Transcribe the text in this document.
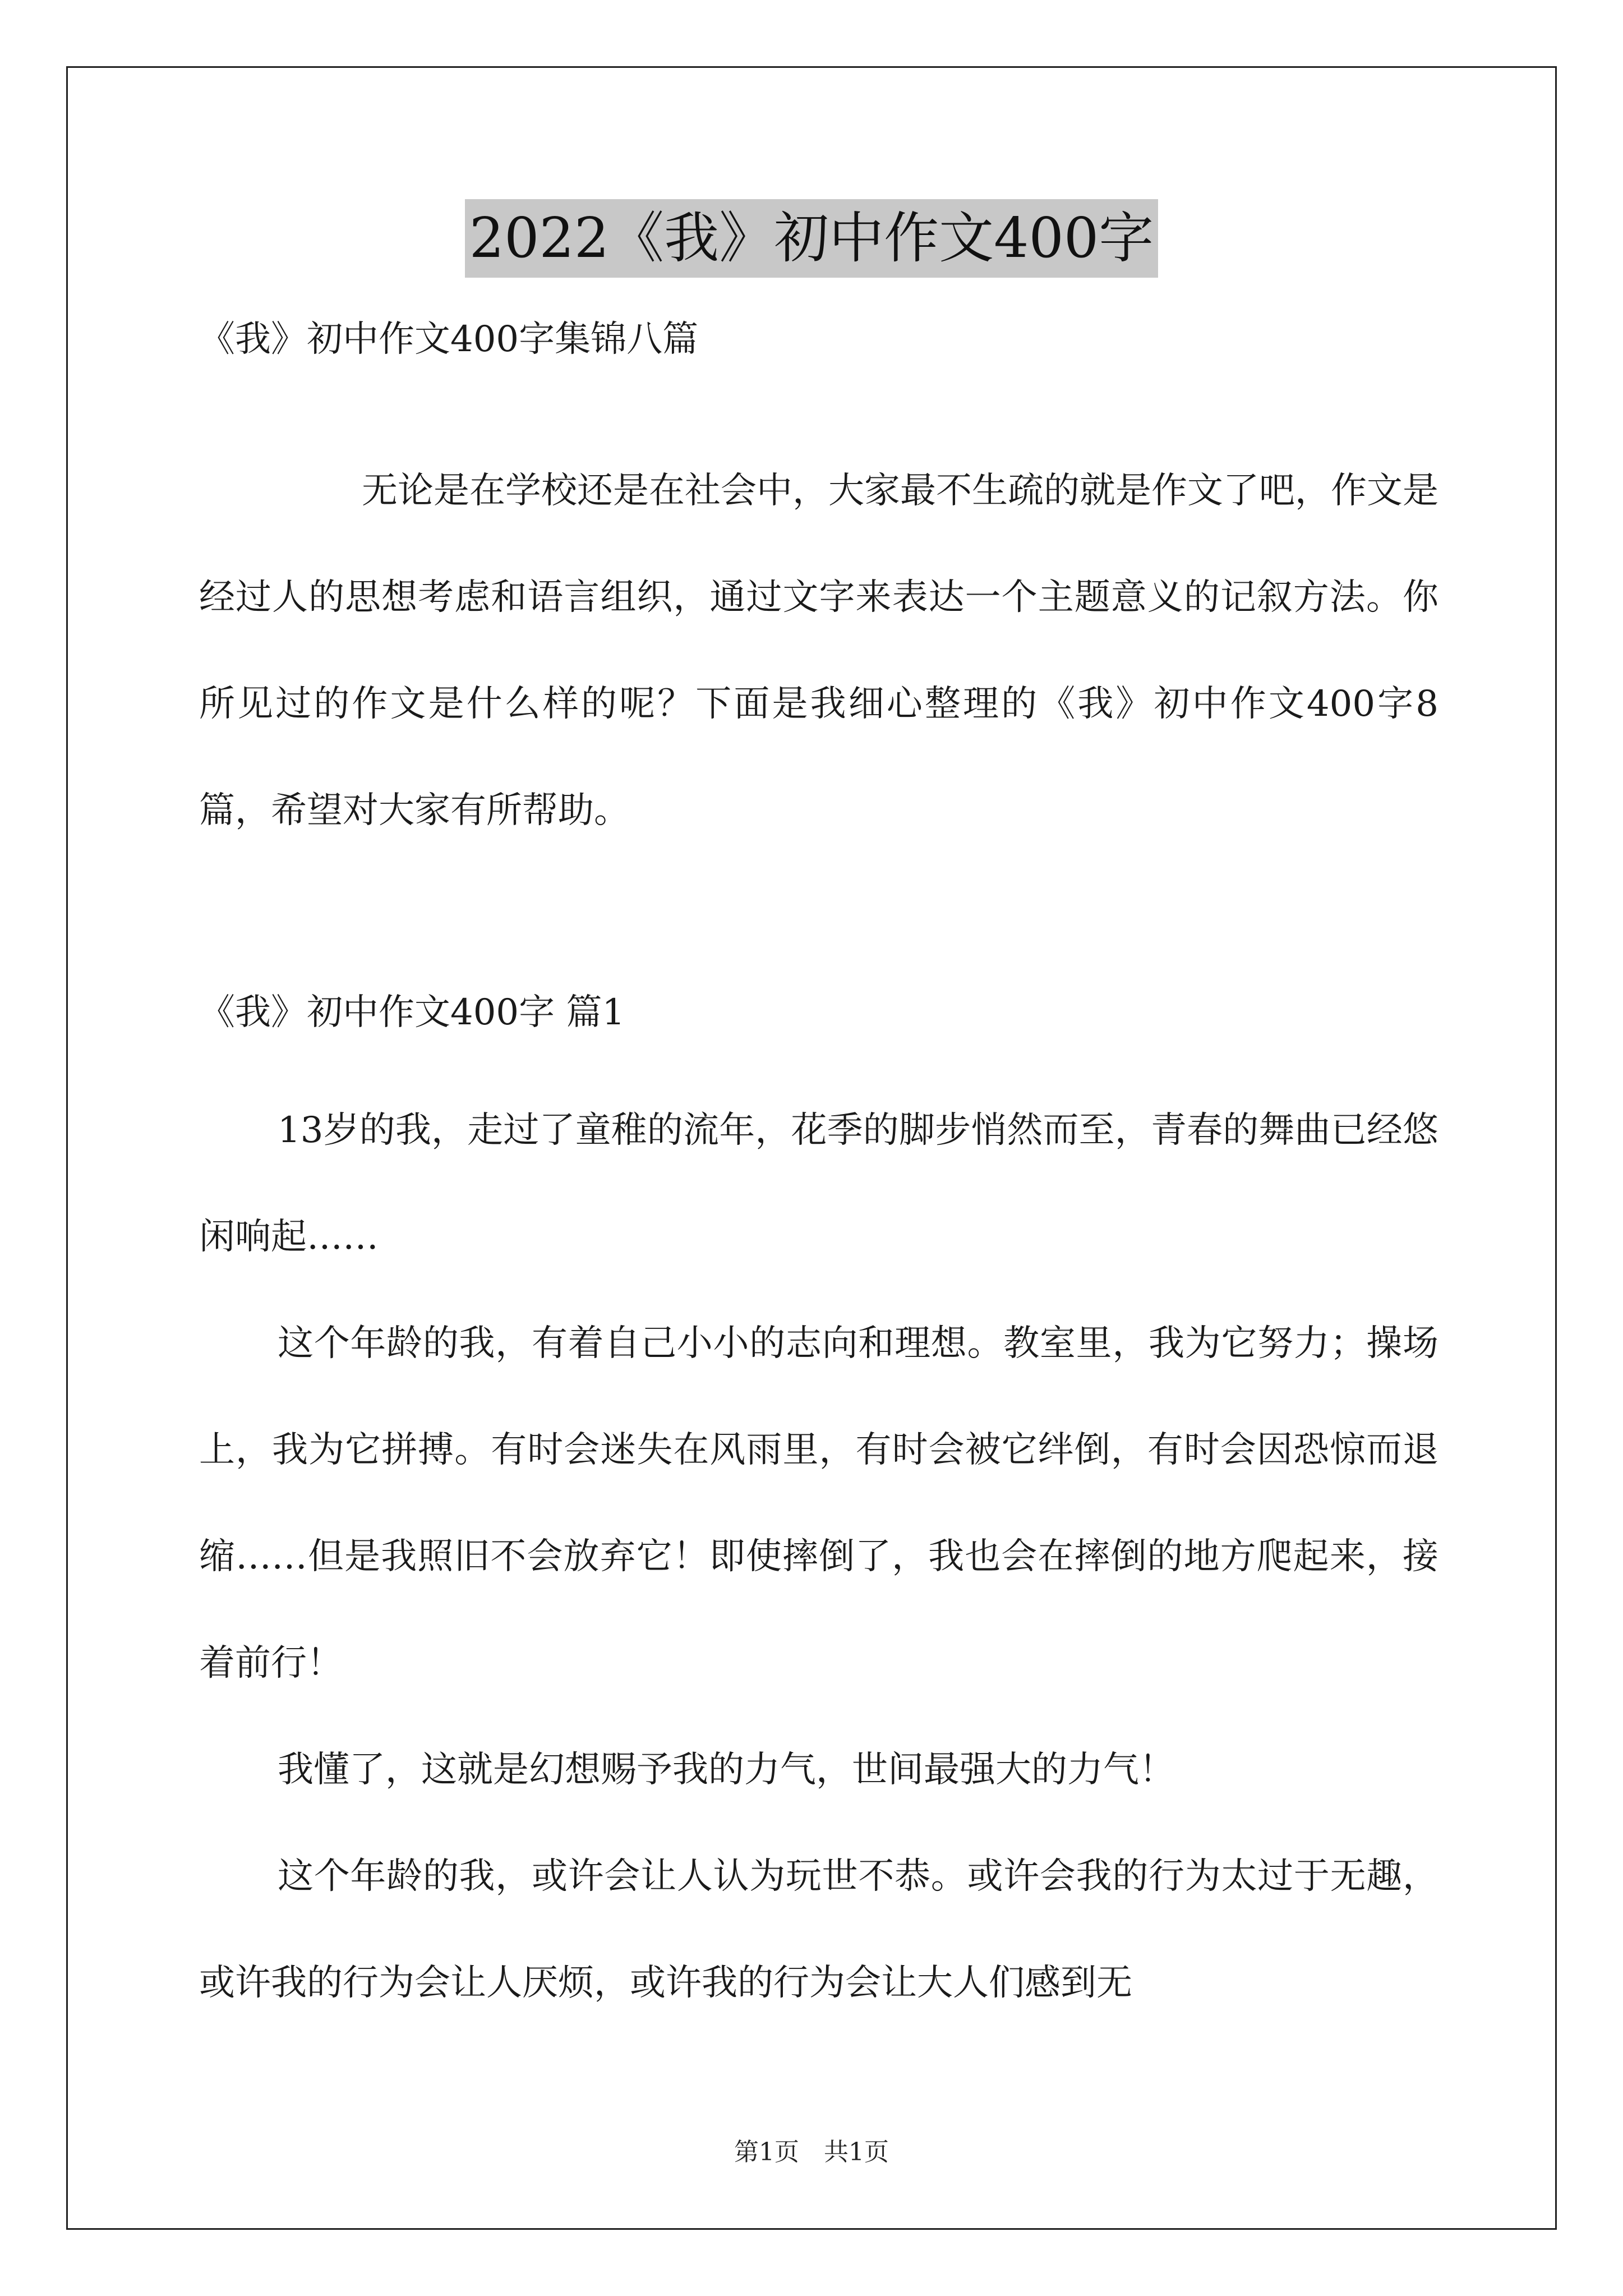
2022《我》初中作文400字
《我》初中作文400字集锦八篇
无论是在学校还是在社会中，大家最不生疏的就是作文了吧，作文是经过人的思想考虑和语言组织，通过文字来表达一个主题意义的记叙方法。你所见过的作文是什么样的呢？下面是我细心整理的《我》初中作文400字8篇，希望对大家有所帮助。
《我》初中作文400字 篇1
13岁的我，走过了童稚的流年，花季的脚步悄然而至，青春的舞曲已经悠闲响起……
这个年龄的我，有着自己小小的志向和理想。教室里，我为它努力；操场上，我为它拼搏。有时会迷失在风雨里，有时会被它绊倒，有时会因恐惊而退缩……但是我照旧不会放弃它！即使摔倒了，我也会在摔倒的地方爬起来，接着前行！
我懂了，这就是幻想赐予我的力气，世间最强大的力气！
这个年龄的我，或许会让人认为玩世不恭。或许会我的行为太过于无趣，或许我的行为会让人厌烦，或许我的行为会让大人们感到无
第1页　共1页
